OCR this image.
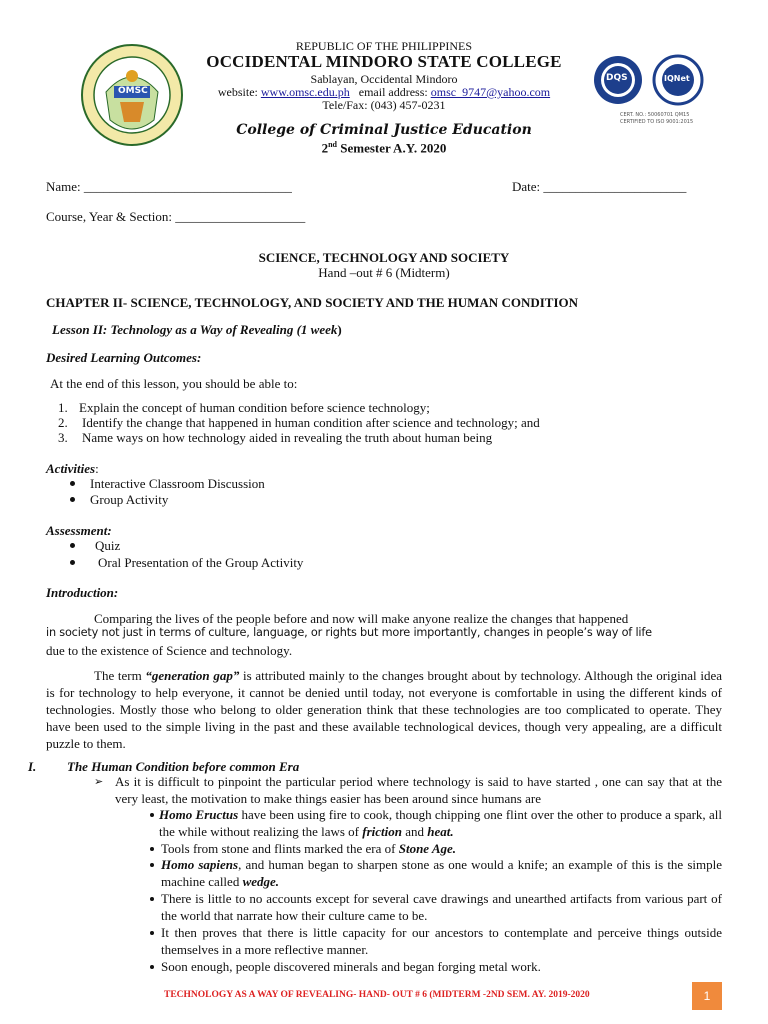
OMSC
REPUBLIC OF THE PHILIPPINES
OCCIDENTAL MINDORO STATE COLLEGE
Sablayan, Occidental Mindoro
website: www.omsc.edu.ph email address: omsc_9747@yahoo.com
Tele/Fax: (043) 457-0231
DQS	IQNet
CERT. NO.: 50060701 QM15
CERTIFIED TO ISO 9001:2015
College of Criminal Justice Education
2nd Semester A.Y. 2020
Name: ________________________________	Date: ______________________
Course, Year & Section: ____________________
SCIENCE, TECHNOLOGY AND SOCIETY
Hand –out # 6 (Midterm)
CHAPTER II- SCIENCE, TECHNOLOGY, AND SOCIETY AND THE HUMAN CONDITION
Lesson II: Technology as a Way of Revealing (1 week)
Desired Learning Outcomes:
At the end of this lesson, you should be able to:
1. Explain the concept of human condition before science technology;
2. Identify the change that happened in human condition after science and technology; and
3. Name ways on how technology aided in revealing the truth about human being
Activities:
Interactive Classroom Discussion
Group Activity
Assessment:
Quiz
Oral Presentation of the Group Activity
Introduction:
Comparing the lives of the people before and now will make anyone realize the changes that happened
in society not just in terms of culture, language, or rights but more importantly, changes in people’s way of life
due to the existence of Science and technology.
The term “generation gap” is attributed mainly to the changes brought about by technology. Although the original idea is for technology to help everyone, it cannot be denied until today, not everyone is comfortable in using the different kinds of technologies. Mostly those who belong to older generation think that these technologies are too complicated to operate. They have been used to the simple living in the past and these available technological devices, though very appealing, are a difficult puzzle to them.
I. The Human Condition before common Era
➢ As it is difficult to pinpoint the particular period where technology is said to have started , one can say that at the very least, the motivation to make things easier has been around since humans are
Homo Eructus have been using fire to cook, though chipping one flint over the other to produce a spark, all the while without realizing the laws of friction and heat.
Tools from stone and flints marked the era of Stone Age.
Homo sapiens, and human began to sharpen stone as one would a knife; an example of this is the simple machine called wedge.
There is little to no accounts except for several cave drawings and unearthed artifacts from various part of the world that narrate how their culture came to be.
It then proves that there is little capacity for our ancestors to contemplate and perceive things outside themselves in a more reflective manner.
Soon enough, people discovered minerals and began forging metal work.
TECHNOLOGY AS A WAY OF REVEALING- HAND- OUT # 6 (MIDTERM -2ND SEM. AY. 2019-2020	1
